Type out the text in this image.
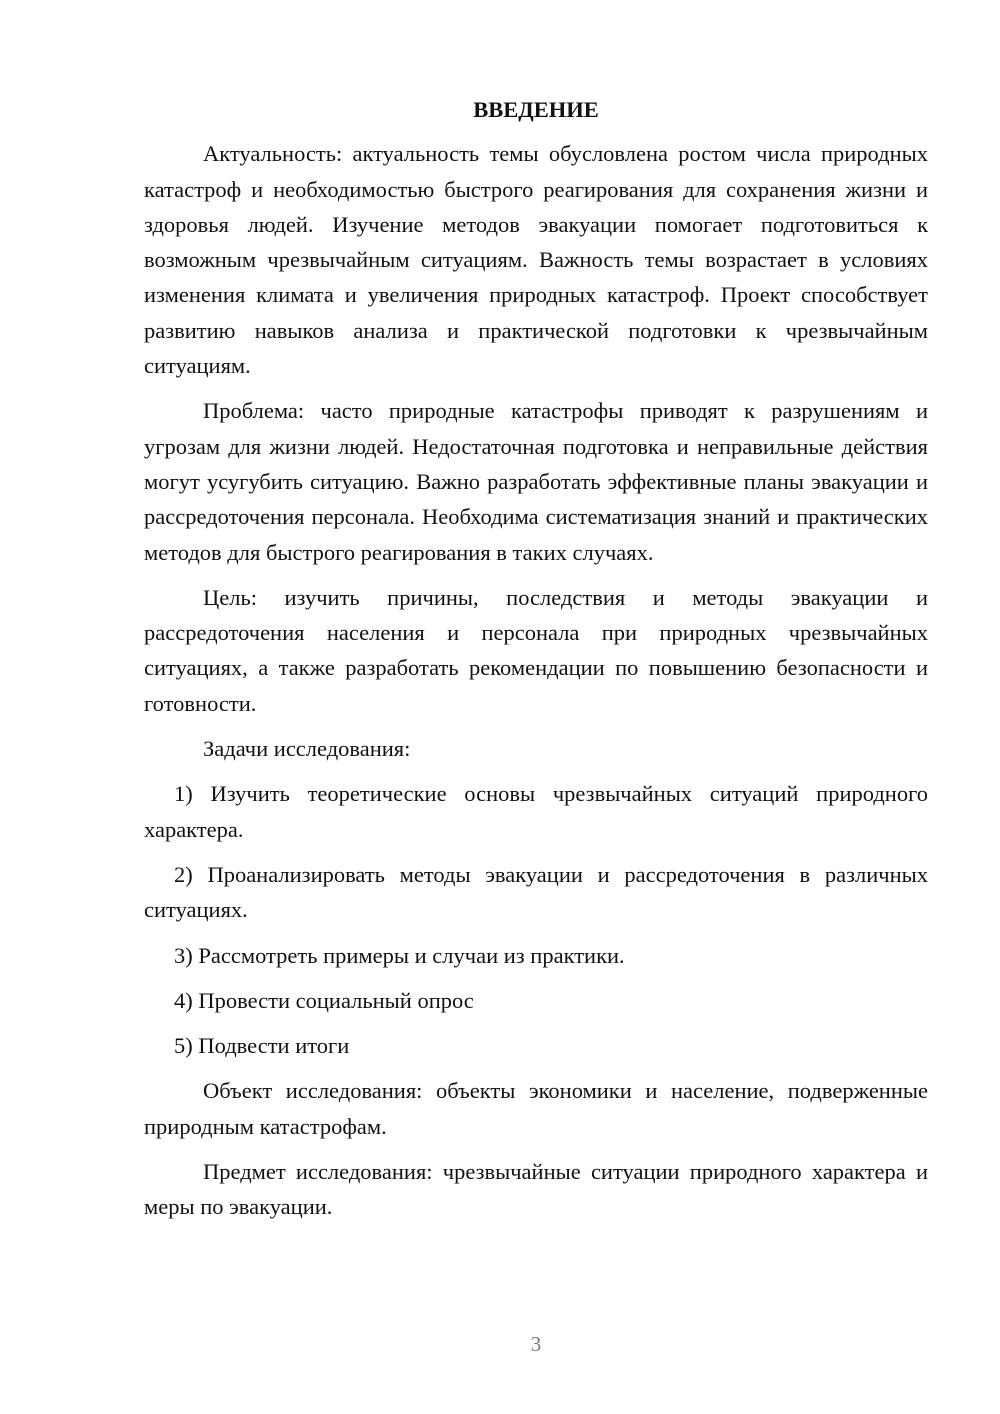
ВВЕДЕНИЕ

Актуальность: актуальность темы обусловлена ростом числа природных катастроф и необходимостью быстрого реагирования для сохранения жизни и здоровья людей. Изучение методов эвакуации помогает подготовиться к возможным чрезвычайным ситуациям. Важность темы возрастает в условиях изменения климата и увеличения природных катастроф. Проект способствует развитию навыков анализа и практической подготовки к чрезвычайным ситуациям.

Проблема: часто природные катастрофы приводят к разрушениям и угрозам для жизни людей. Недостаточная подготовка и неправильные действия могут усугубить ситуацию. Важно разработать эффективные планы эвакуации и рассредоточения персонала. Необходима систематизация знаний и практических методов для быстрого реагирования в таких случаях.

Цель: изучить причины, последствия и методы эвакуации и рассредоточения населения и персонала при природных чрезвычайных ситуациях, а также разработать рекомендации по повышению безопасности и готовности.

Задачи исследования:

1) Изучить теоретические основы чрезвычайных ситуаций природного характера.

2) Проанализировать методы эвакуации и рассредоточения в различных ситуациях.

3) Рассмотреть примеры и случаи из практики.

4) Провести социальный опрос

5) Подвести итоги

Объект исследования: объекты экономики и население, подверженные природным катастрофам.

Предмет исследования: чрезвычайные ситуации природного характера и меры по эвакуации.

3
